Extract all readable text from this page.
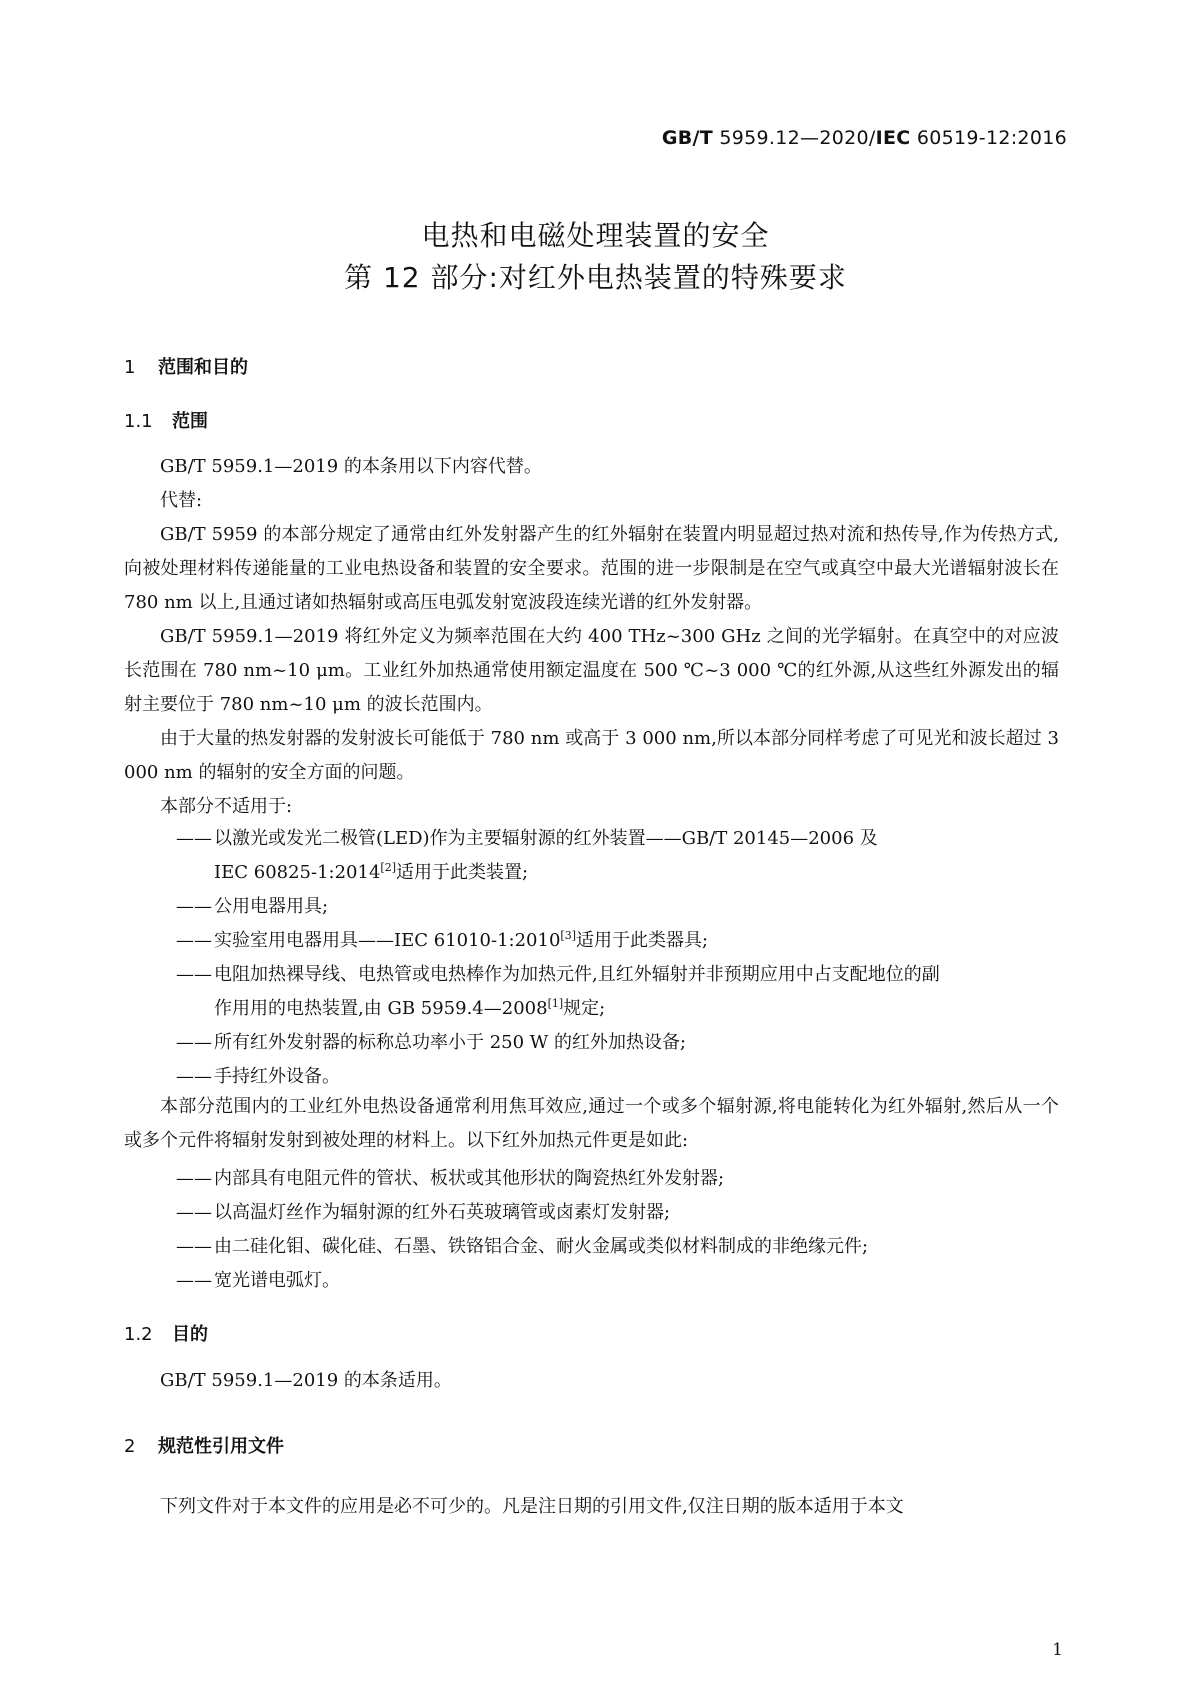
GB/T 5959.12—2020/IEC 60519-12:2016
电热和电磁处理装置的安全
第 12 部分:对红外电热装置的特殊要求
1 范围和目的
1.1 范围
GB/T 5959.1—2019 的本条用以下内容代替。
代替:
GB/T 5959 的本部分规定了通常由红外发射器产生的红外辐射在装置内明显超过热对流和热传导,作为传热方式,向被处理材料传递能量的工业电热设备和装置的安全要求。范围的进一步限制是在空气或真空中最大光谱辐射波长在 780 nm 以上,且通过诸如热辐射或高压电弧发射宽波段连续光谱的红外发射器。
GB/T 5959.1—2019 将红外定义为频率范围在大约 400 THz~300 GHz 之间的光学辐射。在真空中的对应波长范围在 780 nm~10 μm。工业红外加热通常使用额定温度在 500 ℃~3 000 ℃的红外源,从这些红外源发出的辐射主要位于 780 nm~10 μm 的波长范围内。
由于大量的热发射器的发射波长可能低于 780 nm 或高于 3 000 nm,所以本部分同样考虑了可见光和波长超过 3 000 nm 的辐射的安全方面的问题。
本部分不适用于:
—— 以激光或发光二极管(LED)作为主要辐射源的红外装置——GB/T 20145—2006 及
IEC 60825-1:2014[2]适用于此类装置;
—— 公用电器用具;
—— 实验室用电器用具——IEC 61010-1:2010[3]适用于此类器具;
—— 电阻加热裸导线、电热管或电热棒作为加热元件,且红外辐射并非预期应用中占支配地位的副
作用用的电热装置,由 GB 5959.4—2008[1]规定;
—— 所有红外发射器的标称总功率小于 250 W 的红外加热设备;
—— 手持红外设备。
本部分范围内的工业红外电热设备通常利用焦耳效应,通过一个或多个辐射源,将电能转化为红外辐射,然后从一个或多个元件将辐射发射到被处理的材料上。以下红外加热元件更是如此:
—— 内部具有电阻元件的管状、板状或其他形状的陶瓷热红外发射器;
—— 以高温灯丝作为辐射源的红外石英玻璃管或卤素灯发射器;
—— 由二硅化钼、碳化硅、石墨、铁铬铝合金、耐火金属或类似材料制成的非绝缘元件;
—— 宽光谱电弧灯。
1.2 目的
GB/T 5959.1—2019 的本条适用。
2 规范性引用文件
下列文件对于本文件的应用是必不可少的。凡是注日期的引用文件,仅注日期的版本适用于本文
1
